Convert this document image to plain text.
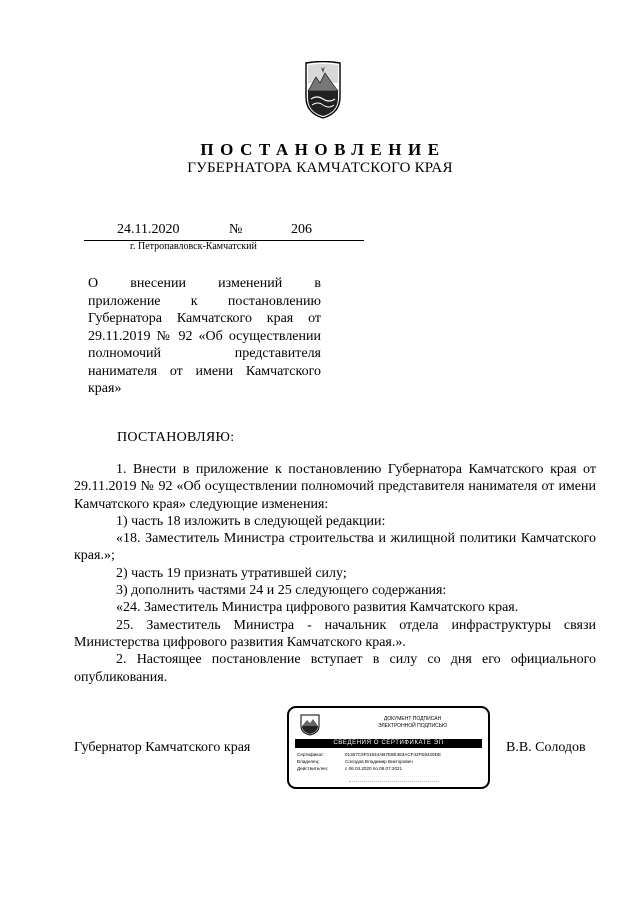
ПОСТАНОВЛЕНИЕ
ГУБЕРНАТОРА КАМЧАТСКОГО КРАЯ
24.11.2020	№	206
г. Петропавловск-Камчатский
О внесении изменений в
приложение к постановлению
Губернатора Камчатского края от
29.11.2019 № 92 «Об осуществлении
полномочий представителя
нанимателя от имени Камчатского
края»
ПОСТАНОВЛЯЮ:

1. Внести в приложение к постановлению Губернатора Камчатского края от 29.11.2019 № 92 «Об осуществлении полномочий представителя нанимателя от имени Камчатского края» следующие изменения:

1) часть 18 изложить в следующей редакции:

«18. Заместитель Министра строительства и жилищной политики Камчатского края.»;

2) часть 19 признать утратившей силу;

3) дополнить частями 24 и 25 следующего содержания:

«24. Заместитель Министра цифрового развития Камчатского края.

25. Заместитель Министра - начальник отдела инфраструктуры связи Министерства цифрового развития Камчатского края.».

2. Настоящее постановление вступает в силу со дня его официального опубликования.

Губернатор Камчатского края
ДОКУМЕНТ ПОДПИСАН
ЭЛЕКТРОННОЙ ПОДПИСЬЮ
СВЕДЕНИЯ О СЕРТИФИКАТЕ ЭП
Сертификат:	01367C5F01944AB7E8E483ACF42FE9426DE
Владелец:	Солодов Владимир Викторович
Действителен:	с 06.04.2020 по 06.07.2021
В.В. Солодов
